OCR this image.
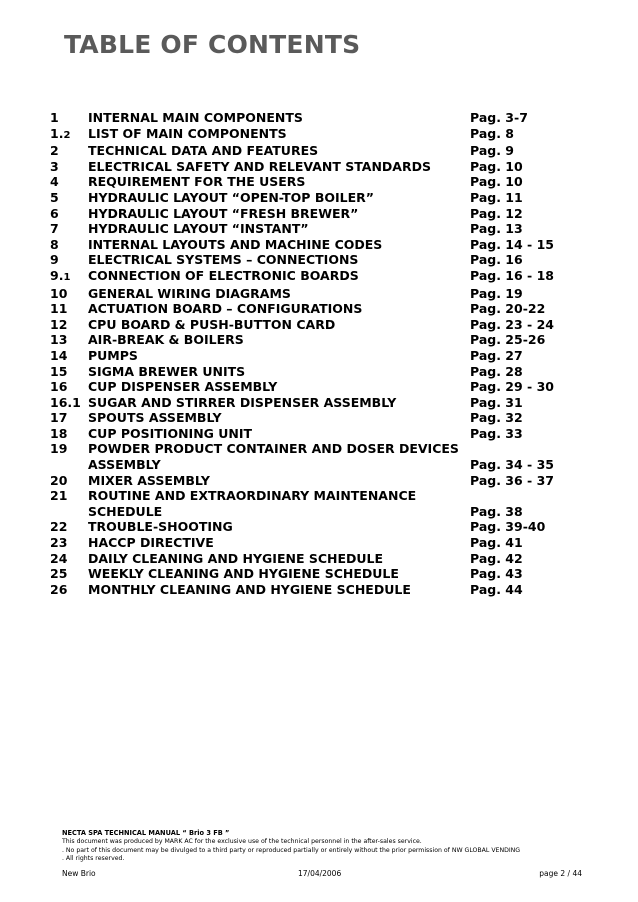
TABLE OF CONTENTS
1	INTERNAL MAIN COMPONENTS	Pag. 3-7
1.2	LIST OF MAIN COMPONENTS	Pag. 8
2	TECHNICAL DATA AND FEATURES	Pag. 9
3	ELECTRICAL SAFETY AND RELEVANT STANDARDS	Pag. 10
4	REQUIREMENT FOR THE USERS	Pag. 10
5	HYDRAULIC LAYOUT “OPEN-TOP BOILER”	Pag. 11
6	HYDRAULIC LAYOUT “FRESH BREWER”	Pag. 12
7	HYDRAULIC LAYOUT “INSTANT”	Pag. 13
8	INTERNAL LAYOUTS AND MACHINE CODES	Pag. 14 - 15
9	ELECTRICAL SYSTEMS – CONNECTIONS	Pag. 16
9.1	CONNECTION OF ELECTRONIC BOARDS	Pag. 16 - 18
10	GENERAL WIRING DIAGRAMS	Pag. 19
11	ACTUATION BOARD – CONFIGURATIONS	Pag. 20-22
12	CPU BOARD & PUSH-BUTTON CARD	Pag. 23 - 24
13	AIR-BREAK & BOILERS	Pag. 25-26
14	PUMPS	Pag. 27
15	SIGMA BREWER UNITS	Pag. 28
16	CUP DISPENSER ASSEMBLY	Pag. 29 - 30
16.1 SUGAR AND STIRRER DISPENSER ASSEMBLY	Pag. 31
17	SPOUTS ASSEMBLY	Pag. 32
18	CUP POSITIONING UNIT	Pag. 33
19	POWDER PRODUCT CONTAINER AND DOSER DEVICES
ASSEMBLY	Pag. 34 - 35
20	MIXER ASSEMBLY	Pag. 36 - 37
21	ROUTINE AND EXTRAORDINARY MAINTENANCE
SCHEDULE	Pag. 38
22	TROUBLE-SHOOTING	Pag. 39-40
23	HACCP DIRECTIVE	Pag. 41
24	DAILY CLEANING AND HYGIENE SCHEDULE	Pag. 42
25	WEEKLY CLEANING AND HYGIENE SCHEDULE	Pag. 43
26	MONTHLY CLEANING AND HYGIENE SCHEDULE	Pag. 44
NECTA SPA TECHNICAL MANUAL “ Brio 3 FB ”
This document was produced by MARK AC for the exclusive use of the technical personnel in the after-sales service.
. No part of this document may be divulged to a third party or reproduced partially or entirely without the prior permission of NW GLOBAL VENDING
. All rights reserved.
New Brio	17/04/2006	page 2 / 44
